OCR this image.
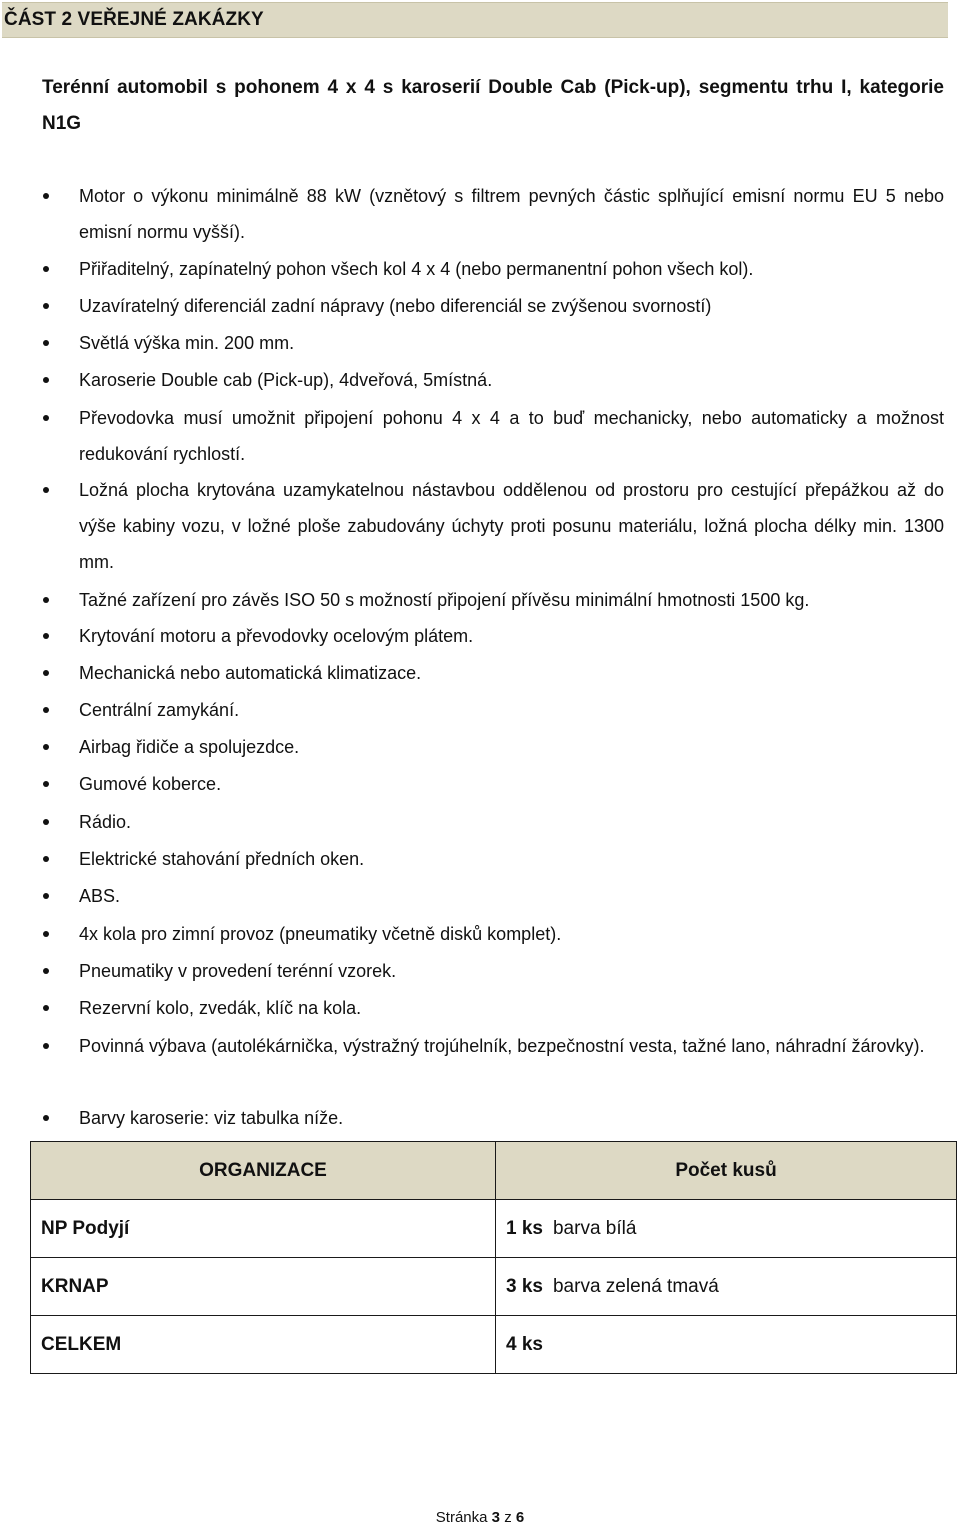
ČÁST 2 VEŘEJNÉ ZAKÁZKY
Terénní automobil s pohonem 4 x 4 s karoserií Double Cab (Pick-up), segmentu trhu I, kategorie N1G
Motor o výkonu minimálně 88 kW (vznětový s filtrem pevných částic splňující emisní normu EU 5 nebo emisní normu vyšší).
Přiřaditelný, zapínatelný pohon všech kol 4 x 4 (nebo permanentní pohon všech kol).
Uzavíratelný diferenciál zadní nápravy (nebo diferenciál se zvýšenou svorností)
Světlá výška min. 200 mm.
Karoserie Double cab (Pick-up), 4dveřová, 5místná.
Převodovka musí umožnit připojení pohonu 4 x 4 a to buď mechanicky, nebo automaticky a možnost redukování rychlostí.
Ložná plocha krytována uzamykatelnou nástavbou oddělenou od prostoru pro cestující přepážkou až do výše kabiny vozu, v ložné ploše zabudovány úchyty proti posunu materiálu, ložná plocha délky min. 1300 mm.
Tažné zařízení pro závěs ISO 50 s možností připojení přívěsu minimální hmotnosti 1500 kg.
Krytování motoru a převodovky ocelovým plátem.
Mechanická nebo automatická klimatizace.
Centrální zamykání.
Airbag řidiče a spolujezdce.
Gumové koberce.
Rádio.
Elektrické stahování předních oken.
ABS.
4x kola pro zimní provoz (pneumatiky včetně disků komplet).
Pneumatiky v provedení terénní vzorek.
Rezervní kolo, zvedák, klíč na kola.
Povinná výbava (autolékárnička, výstražný trojúhelník, bezpečnostní vesta, tažné lano, náhradní žárovky).
Barvy karoserie: viz tabulka níže.
ORGANIZACE	Počet kusů
NP Podyjí	1 ks barva bílá
KRNAP	3 ks barva zelená tmavá
CELKEM	4 ks
Stránka 3 z 6
